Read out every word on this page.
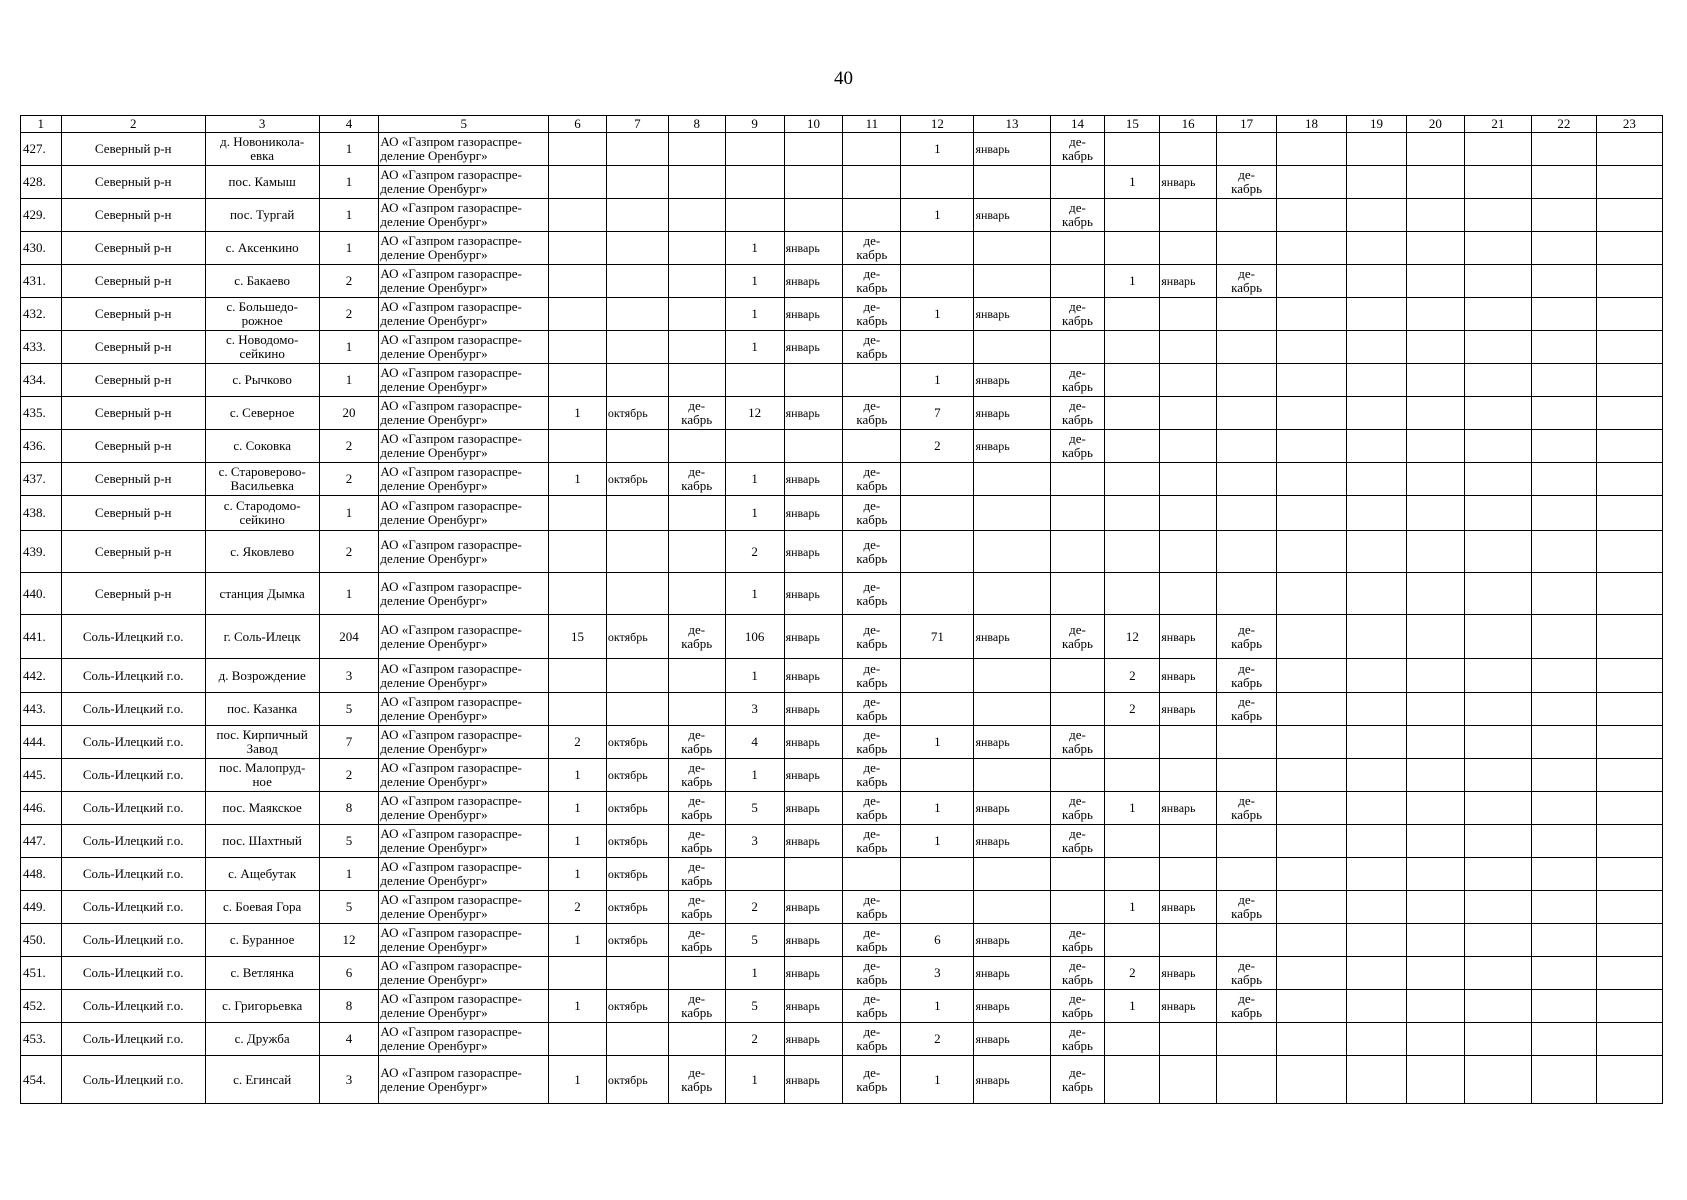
40
1	2	3	4	5	6	7	8	9	10	11	12	13	14	15	16	17	18	19	20	21	22	23
427.	Северный р-н	д. Новоникола-
евка	1	АО «Газпром газораспре-
деление Оренбург»							1	январь	де-
кабрь									
428.	Северный р-н	пос. Камыш	1	АО «Газпром газораспре-
деление Оренбург»										1	январь	де-
кабрь						
429.	Северный р-н	пос. Тургай	1	АО «Газпром газораспре-
деление Оренбург»							1	январь	де-
кабрь									
430.	Северный р-н	с. Аксенкино	1	АО «Газпром газораспре-
деление Оренбург»				1	январь	де-
кабрь												
431.	Северный р-н	с. Бакаево	2	АО «Газпром газораспре-
деление Оренбург»				1	январь	де-
кабрь				1	январь	де-
кабрь						
432.	Северный р-н	с. Большедо-
рожное	2	АО «Газпром газораспре-
деление Оренбург»				1	январь	де-
кабрь	1	январь	де-
кабрь									
433.	Северный р-н	с. Новодомо-
сейкино	1	АО «Газпром газораспре-
деление Оренбург»				1	январь	де-
кабрь												
434.	Северный р-н	с. Рычково	1	АО «Газпром газораспре-
деление Оренбург»							1	январь	де-
кабрь									
435.	Северный р-н	с. Северное	20	АО «Газпром газораспре-
деление Оренбург»	1	октябрь	де-
кабрь	12	январь	де-
кабрь	7	январь	де-
кабрь									
436.	Северный р-н	с. Соковка	2	АО «Газпром газораспре-
деление Оренбург»							2	январь	де-
кабрь									
437.	Северный р-н	с. Староверово-
Васильевка	2	АО «Газпром газораспре-
деление Оренбург»	1	октябрь	де-
кабрь	1	январь	де-
кабрь												
438.	Северный р-н	с. Стародомо-
сейкино	1	АО «Газпром газораспре-
деление Оренбург»				1	январь	де-
кабрь												
439.	Северный р-н	с. Яковлево	2	АО «Газпром газораспре-
деление Оренбург»				2	январь	де-
кабрь												
440.	Северный р-н	станция Дымка	1	АО «Газпром газораспре-
деление Оренбург»				1	январь	де-
кабрь												
441.	Соль-Илецкий г.о.	г. Соль-Илецк	204	АО «Газпром газораспре-
деление Оренбург»	15	октябрь	де-
кабрь	106	январь	де-
кабрь	71	январь	де-
кабрь	12	январь	де-
кабрь						
442.	Соль-Илецкий г.о.	д. Возрождение	3	АО «Газпром газораспре-
деление Оренбург»				1	январь	де-
кабрь				2	январь	де-
кабрь						
443.	Соль-Илецкий г.о.	пос. Казанка	5	АО «Газпром газораспре-
деление Оренбург»				3	январь	де-
кабрь				2	январь	де-
кабрь						
444.	Соль-Илецкий г.о.	пос. Кирпичный
Завод	7	АО «Газпром газораспре-
деление Оренбург»	2	октябрь	де-
кабрь	4	январь	де-
кабрь	1	январь	де-
кабрь									
445.	Соль-Илецкий г.о.	пос. Малопруд-
ное	2	АО «Газпром газораспре-
деление Оренбург»	1	октябрь	де-
кабрь	1	январь	де-
кабрь												
446.	Соль-Илецкий г.о.	пос. Маякское	8	АО «Газпром газораспре-
деление Оренбург»	1	октябрь	де-
кабрь	5	январь	де-
кабрь	1	январь	де-
кабрь	1	январь	де-
кабрь						
447.	Соль-Илецкий г.о.	пос. Шахтный	5	АО «Газпром газораспре-
деление Оренбург»	1	октябрь	де-
кабрь	3	январь	де-
кабрь	1	январь	де-
кабрь									
448.	Соль-Илецкий г.о.	с. Ащебутак	1	АО «Газпром газораспре-
деление Оренбург»	1	октябрь	де-
кабрь															
449.	Соль-Илецкий г.о.	с. Боевая Гора	5	АО «Газпром газораспре-
деление Оренбург»	2	октябрь	де-
кабрь	2	январь	де-
кабрь				1	январь	де-
кабрь						
450.	Соль-Илецкий г.о.	с. Буранное	12	АО «Газпром газораспре-
деление Оренбург»	1	октябрь	де-
кабрь	5	январь	де-
кабрь	6	январь	де-
кабрь									
451.	Соль-Илецкий г.о.	с. Ветлянка	6	АО «Газпром газораспре-
деление Оренбург»				1	январь	де-
кабрь	3	январь	де-
кабрь	2	январь	де-
кабрь						
452.	Соль-Илецкий г.о.	с. Григорьевка	8	АО «Газпром газораспре-
деление Оренбург»	1	октябрь	де-
кабрь	5	январь	де-
кабрь	1	январь	де-
кабрь	1	январь	де-
кабрь						
453.	Соль-Илецкий г.о.	с. Дружба	4	АО «Газпром газораспре-
деление Оренбург»				2	январь	де-
кабрь	2	январь	де-
кабрь									
454.	Соль-Илецкий г.о.	с. Егинсай	3	АО «Газпром газораспре-
деление Оренбург»	1	октябрь	де-
кабрь	1	январь	де-
кабрь	1	январь	де-
кабрь									
